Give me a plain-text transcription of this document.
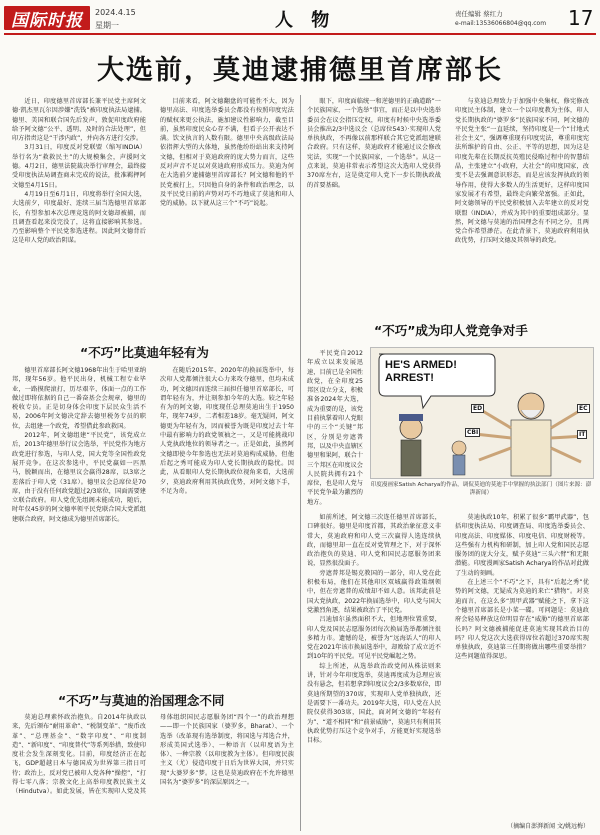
国际时报 2024.4.15
星期一	人 物	责任编辑 蔡红力
e-mail:13536066804@qq.com 17
大选前，莫迪逮捕德里首席部长

近日，印度德里首席部长兼平民党主席阿文德·凯杰里瓦尔因涉嫌“洗钱”被印度执法局逮捕。德里、美国和联合国先后发声，敦促印度政府能给予阿文德“公平、透明、及时的合法处理”，但印方指责这是“干涉内政”，并向各方进行交涉。

3月31日，印度反对党联盟（缩写INDIA）举行名为“救救民主”的大规模集会，声援阿文德。4月2日，德里法院裁决举行审理会，最终接受印度执法局调查商未完成的说法，批准羁押阿文德至4月15日。

4月19日至6月1日，印度将举行全国大选，大选前夕，印度最好、连续三届当选德里首席部长，有望参加本次总理竞选的阿文德却被捕，而且调查看起来没完没了，这将直接影响其参选。乃至影响整个平民党参选进程。因此阿文德背后这是印人党的政治阴谋。

目前来看，阿文德翻盘的可能性不大，因为德里高法、印度选举委员会都没有按照印度宪法的赋权来更公执法，施加建议性影响力，截至目前，虽然印度民众心存不满，但看子公开表达不满。饮文执言的人数有限。德里中央高级政法局依指挥大型的大体地，虽然他纷纷站出来支持阿文德，但相对于莫迪政府的庞大势力而言，这些反对声音不足以对莫迪政府形成压力。莫迪为何在大选前夕逮捕德里首席部长？阿文德和他的平民党被打上，只因他自身的条件和政治理念，以及平民党日前的声势对巧不巧地成了莫迪和印人党的威胁。以下就从这三个“不巧”说起。

眼下，印度面临统一和逆德里的正确道路”一个民族国家，一个选举”事宜，而正是以中央选举委员会在议会指压定权，印度有时候中央选举委员会推出2/3中选议会（总席位543）·实现印人党单执执政，不再像以前那样联合其它党派组建联合政府。只有这样，莫迪政府才能通过议会修改宪法，实现“一个民族国家，一个选举”。从这一点来说，莫迪非常表示希望这次大选印人党获得370席左右，这是奠定印人党下一步长期执政战的首要基础。

与莫迪总理致力于加强中央集权，修宪修改印度民主体制，建立一个以印度教为主体，印人党长期执政的“婆罗多”民族国家不同，阿文德的平民党主张“一直延续，坚持印度是一个“甘地式社会主义”，强调尊重现有印度宪法，尊重印度宪法所维护的自由、公正、平等的思想，因为这是印度先辈在长期反抗英殖民侵略过程中的智慧结晶，主张建立“小政府，大社会”的印度国家，改变不是去强调意识形态，而是应该发挥执政的领导作用，使得大多数人的生活更好，这样印度国家发展才有希望，最终走向繁荣富强。正如此，阿文德领导的平民党积极加入去年建立的反对党联盟（INDIA），并成为其中的重要组成部分。显然，阿文德与莫迪的治国理念有不同之分，且两党合作希望渺茫。在此背景下，莫迪政府利用执政优势，打压阿文德及其领导的政党。

“不巧”比莫迪年轻有为

德里首席部长阿文德1968年出生于哈里亚纳邦，现年56岁。他平民出身，机械工程专业毕业，一路摸爬滚打，历尽艰辛，体面一点的工作做过即将依据的自己一番奋基会会规章，德里的税收专员。正是切身体会印度下层民众生活不易，2006年阿文德决定辞去德里税务专员的职位，去组建一个政党，希望借此参政救国。

2012年，阿文德组建“平民党”，该党成立后，2013年德里举行议会选举，平民党作为地方政党进行参选，与印人党，国大党等全国性政党展开竞争。在这次参选中，平民党赢如一匹黑马，脱颖而出，在德里议会赢得28席，以3席之差落后于印人党（31席）。德里议会总席位是70席，由于没有任何政党超过2/3席位，国面需要建立联合政府。印人党优先组阁未能成功，随后，时年仅45岁的阿文德率领平民党联合国大党派组建联合政府，阿文德成为德里首席部长。

在随后2015年、2020年的换届选举中，每次印人党都倾注很大心力来攻夺德里，但均未成功，阿文德因而连续三届担任德里首席部长，可谓年轻有为，并让刻参加今年的大选。较之年轻有为的阿文德，印度现任总理莫迪出生于1950年，现年74岁，二者相差18岁。毫无疑问，阿文德更为年轻有为，因而被誉为既是印度过去十年中最有影响力的政党领袖之一，又是可能挑战印人党执政地位的领导者之一。正是如此，虽然阿文德即使今年参选也无法对莫迪构成威胁，但他后起之秀可能成为印人党长期执政的隐忧。因此，从看眼印人党长期执政位视角来看，大选前夕，莫迪政府利用其执政优势，对阿文德下手，不足为奇。

“不巧”成为印人党竞争对手

平民党自2012年成立以来发展迅速，目前已是全国性政党，在全印度25邦区设立分支，积极准备2024年大选，成为重要的是，该党目前执掌着印人党眼中的三个“关键”邦区，分别是旁遮普邦，以及中央直辖区德里和果阿，联合十三个邦区在印度议会人民院共拥有21个席位，也是印人党与平民党争最为激烈的地方。

HE'S ARMED! ARREST!
ED
CBI
EC
IT
印度漫画家Satish Acharya的作品，调侃莫迪的莫迪手中掌握的执法部门（图片来源：澎湃新闻）

如前所述，阿文德三次连任德里首席部长，口碑很好。德里是印度首都，其政治象征意义非常大，莫迪政府和印人党三次赢得人选连续执政，而德里却一直在反对党管理之下，对于深怀政治抱负的莫迪、印人党和国民志愿服务团来说，显然很没面子。

旁遮普邦是锡克教国的一部分，印人党在此积极布局，他们在其他印区双城赢得政策纲领中，但在旁遮普的成绩却不如人意。该邦此前是国大党执政，2022年换届选举中，印人党与国大党激烈角逐，结果被政治了平民党。

吕迪加尔虽然面积不大，但地理位置重要，印人党及国民志愿服务团每次换届选举都倾注很多精力市。遗憾的是，被誉为“远海话人”的印人党在2021年该市换届选举中，却败给了成立近不到10年的平民党。可见平民党崛起之势。

综上所述，从选举政治政党间从株法则来讲，针对今年印度选举，莫迪再度成为总理应该没有悬念，但若想拿到印度议会2/3多数席位，即莫迪所期望的370席，实现印人党单独执政，还是需要下一番功夫。2019年大选，印人党在人民院仅获得303席，国此，面对阿文德的“年轻有为”、“道不相同”和“前景威胁”，莫迪只有利用其执政优势打压这个竞争对手，方能更好实现选举目标。

莫迪执政10年，积累了很多“霸甲武器”，包括印度执法局、印度调查局、印度选举委员会、印度高法、印度媒体、印度电信、印度财税等。这些强有力机构和研制，加上印人党和国民志愿服务团的庞大分支，赋予莫迪“三头六臂”和无限潜能。印度漫画家Satish Acharya的作品对此做了生动的刻画。

在上述三个“不巧”之下，具有“后起之秀”优势的阿文德，无疑成为莫迪的来亡“猎物”。对莫迪而言，在这么多“黑甲武器”赋能之下，拿下这个德里首席部长是小菜一碟。可问题是：莫迪政府会轻易释放这位明显存在“威胁”的德里首席部长吗？阿文德被捕能促进莫迪实现其政治目的吗？印人党这次大选获得席位若超过370席实现单独执政，莫迪第三任期将做出哪些重要举措？这些问题值得深思。

（摘编自澎湃新闻 文/姚远梅）
“不巧”与莫迪的治国理念不同

莫迪总理素怀政治抱负。自2014年执政以来，先后颁布“耐用革命”、“税制变革”、“废币改革”、“总理基金”、“数字印度”、“印度制造”、“新印度”、“印度普代”等系列举措，致使印度社会发生深刻变化。目前，印度经济正在起飞，GDP超越日本与德国成为世界第三指日可待；政治上，反对党已被印人党各种“操控”，“打得七零八落；宗教文化上高举印度教民族主义（Hindutva）。如此发展，皆在实现印人党及其母体组织国民志愿服务团“四个一”的政治理想——即一个民族国家（婆罗多，Bharat）、一个选举（改革现有选举制度，将国选与邦选合并，形成美国式选举）、一种语言（以印度语为主体）、一种宗教（以印度教为主体）。但印度民族主义（尤）侵造印度于日后为世界大国，并只实现“大婆罗多”梦。这也是莫迪政府在不允许德里国名为“婆罗多”的深层原因之一。
